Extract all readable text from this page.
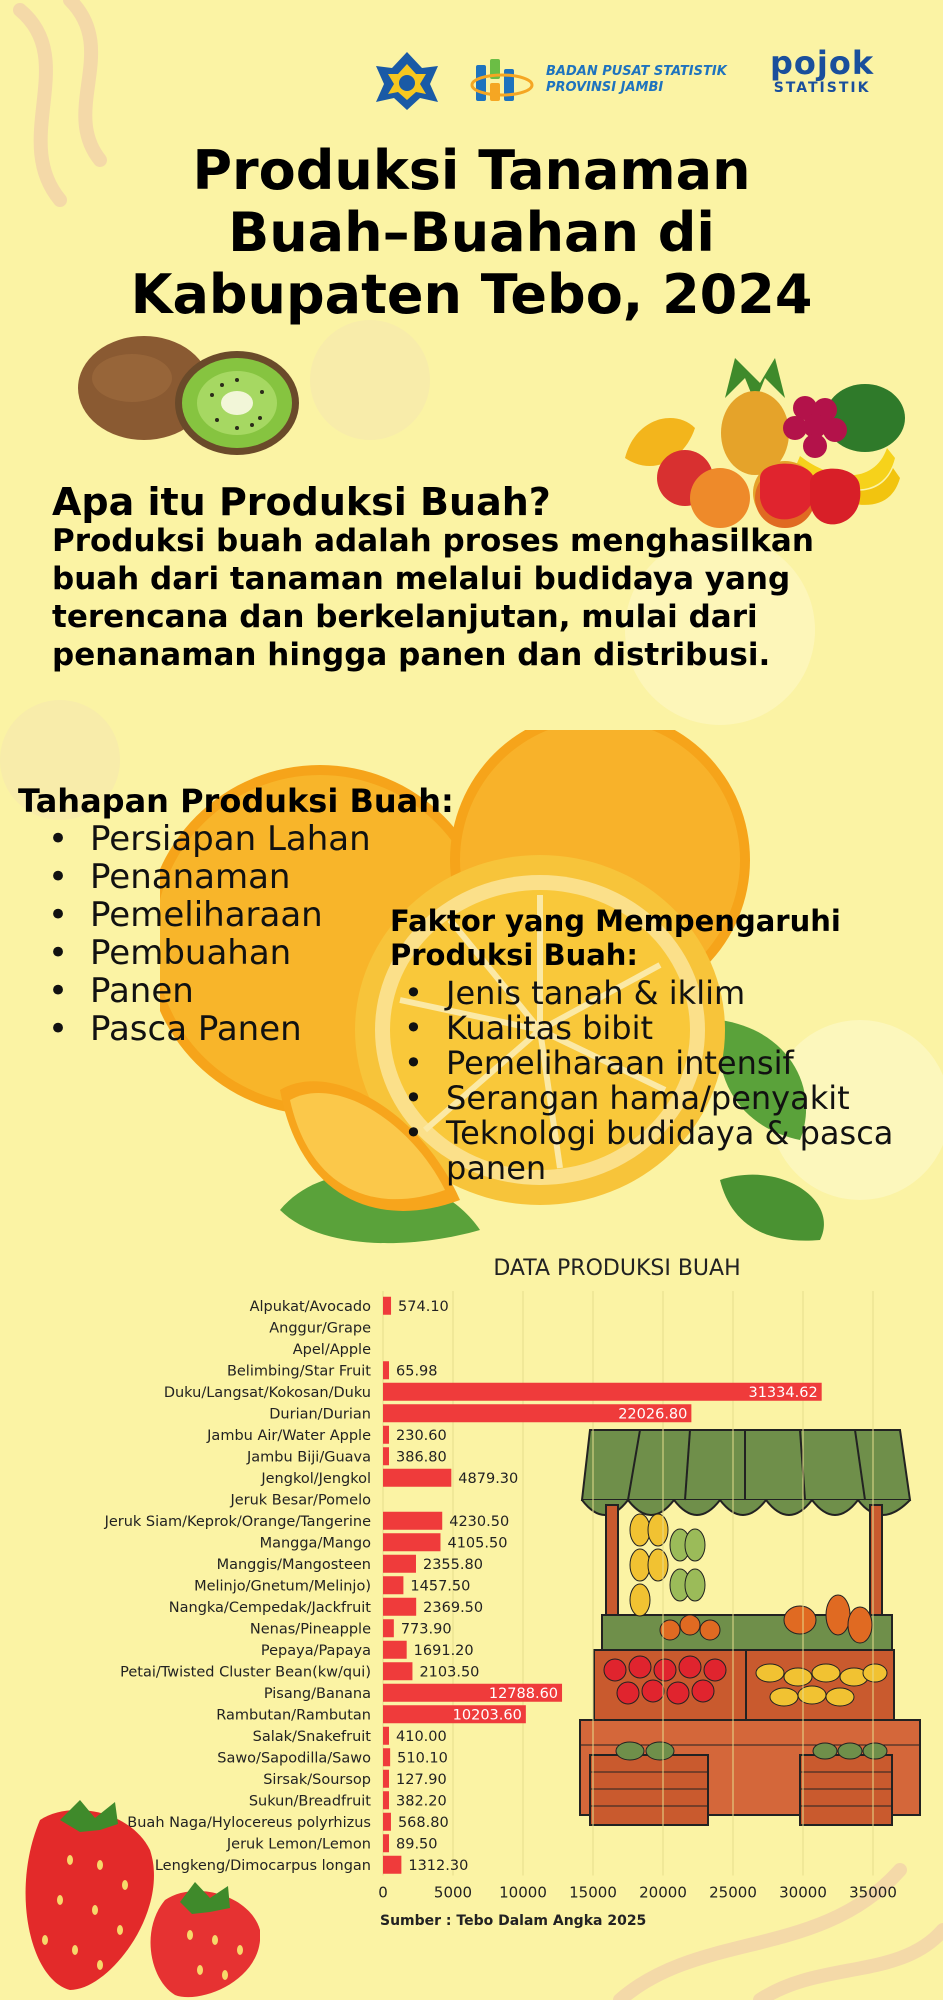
BADAN PUSAT STATISTIK
PROVINSI JAMBI
pojok
STATISTIK
Produksi Tanaman
Buah–Buahan di
Kabupaten Tebo, 2024
Apa itu Produksi Buah?
Produksi buah adalah proses menghasilkan buah dari tanaman melalui budidaya yang terencana dan berkelanjutan, mulai dari penanaman hingga panen dan distribusi.
Tahapan Produksi Buah:
• Persiapan Lahan
• Penanaman
• Pemeliharaan
• Pembuahan
• Panen
• Pasca Panen
Faktor yang Mempengaruhi
Produksi Buah:
• Jenis tanah & iklim
• Kualitas bibit
• Pemeliharaan intensif
• Serangan hama/penyakit
• Teknologi budidaya & pasca
panen
DATA PRODUKSI BUAH
Alpukat/Avocado
Anggur/Grape
Apel/Apple
Belimbing/Star Fruit
Duku/Langsat/Kokosan/Duku
Durian/Durian
Jambu Air/Water Apple
Jambu Biji/Guava
Jengkol/Jengkol
Jeruk Besar/Pomelo
Jeruk Siam/Keprok/Orange/Tangerine
Mangga/Mango
Manggis/Mangosteen
Melinjo/Gnetum/Melinjo)
Nangka/Cempedak/Jackfruit
Nenas/Pineapple
Pepaya/Papaya
Petai/Twisted Cluster Bean(kw/qui)
Pisang/Banana
Rambutan/Rambutan
Salak/Snakefruit
Sawo/Sapodilla/Sawo
Sirsak/Soursop
Sukun/Breadfruit
Buah Naga/Hylocereus polyrhizus
Jeruk Lemon/Lemon
Lengkeng/Dimocarpus longan
574.10
65.98
31334.62
22026.80
230.60
386.80
4879.30
4230.50
4105.50
2355.80
1457.50
2369.50
773.90
1691.20
2103.50
12788.60
10203.60
410.00
510.10
127.90
382.20
568.80
89.50
1312.30
0	5000 10000 15000 20000 25000 30000 35000
Sumber : Tebo Dalam Angka 2025
